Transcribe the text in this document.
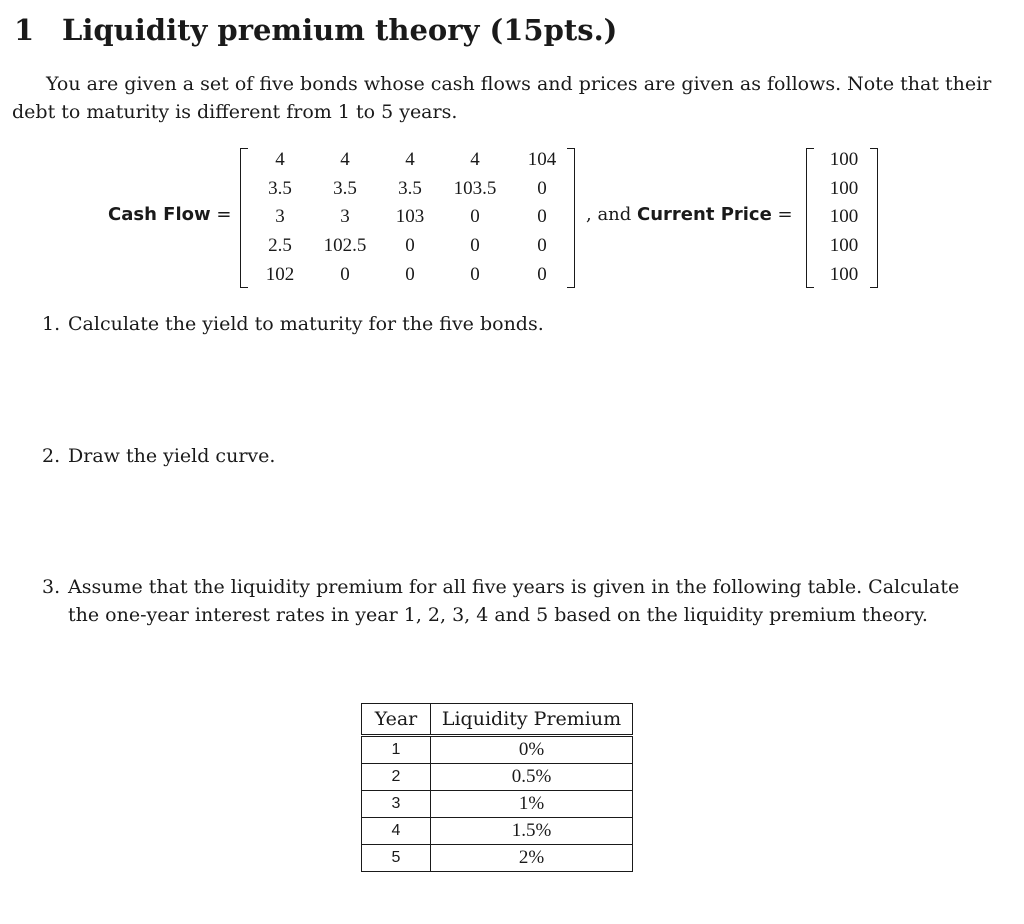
1 Liquidity premium theory (15pts.)

You are given a set of five bonds whose cash flows and prices are given as follows. Note that their debt to maturity is different from 1 to 5 years.

Cash Flow =
4	4	4	4	104
3.5	3.5	3.5	103.5	0
3	3	103	0	0
2.5	102.5	0	0	0
102	0	0	0	0
, and Current Price =
100
100
100
100
100
1. Calculate the yield to maturity for the five bonds.
2. Draw the yield curve.
3. Assume that the liquidity premium for all five years is given in the following table. Calculate the one-year interest rates in year 1, 2, 3, 4 and 5 based on the liquidity premium theory.
Year	Liquidity Premium
1	0%
2	0.5%
3	1%
4	1.5%
5	2%
